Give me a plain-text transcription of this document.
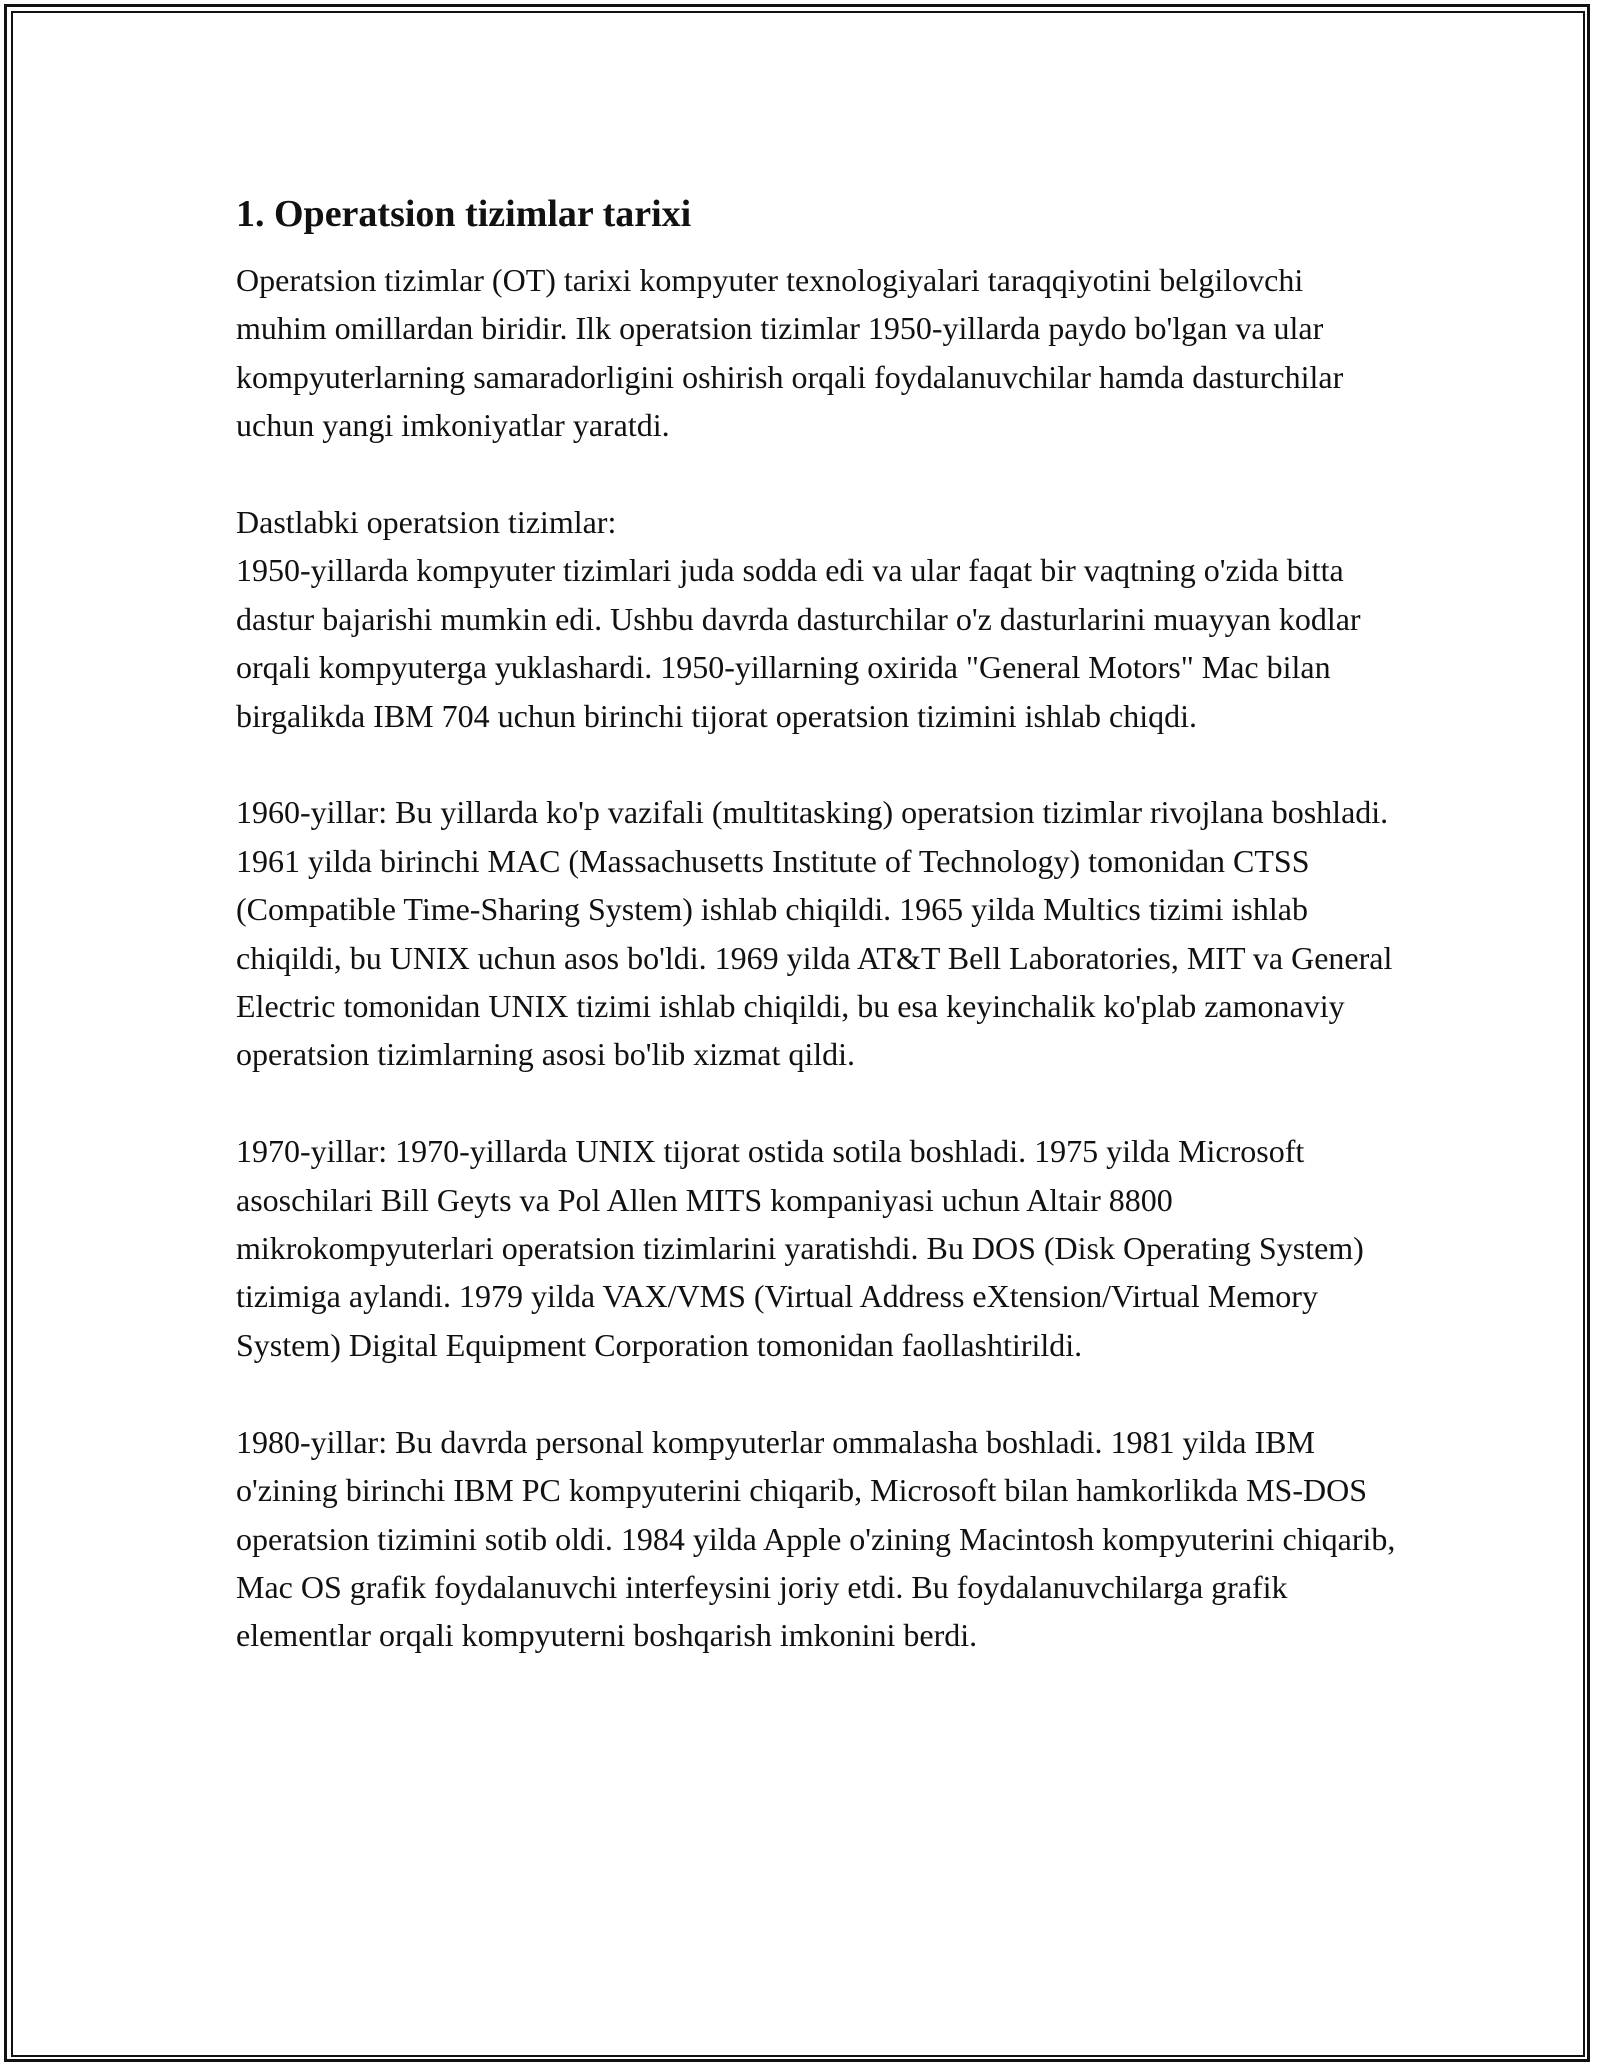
1. Operatsion tizimlar tarixi

Operatsion tizimlar (OT) tarixi kompyuter texnologiyalari taraqqiyotini belgilovchi muhim omillardan biridir. Ilk operatsion tizimlar 1950-yillarda paydo bo'lgan va ular kompyuterlarning samaradorligini oshirish orqali foydalanuvchilar hamda dasturchilar uchun yangi imkoniyatlar yaratdi.

Dastlabki operatsion tizimlar:

1950-yillarda kompyuter tizimlari juda sodda edi va ular faqat bir vaqtning o'zida bitta dastur bajarishi mumkin edi. Ushbu davrda dasturchilar o'z dasturlarini muayyan kodlar orqali kompyuterga yuklashardi. 1950-yillarning oxirida "General Motors" Mac bilan birgalikda IBM 704 uchun birinchi tijorat operatsion tizimini ishlab chiqdi.

1960-yillar: Bu yillarda ko'p vazifali (multitasking) operatsion tizimlar rivojlana boshladi. 1961 yilda birinchi MAC (Massachusetts Institute of Technology) tomonidan CTSS (Compatible Time-Sharing System) ishlab chiqildi. 1965 yilda Multics tizimi ishlab chiqildi, bu UNIX uchun asos bo'ldi. 1969 yilda AT&T Bell Laboratories, MIT va General Electric tomonidan UNIX tizimi ishlab chiqildi, bu esa keyinchalik ko'plab zamonaviy operatsion tizimlarning asosi bo'lib xizmat qildi.

1970-yillar: 1970-yillarda UNIX tijorat ostida sotila boshladi. 1975 yilda Microsoft asoschilari Bill Geyts va Pol Allen MITS kompaniyasi uchun Altair 8800 mikrokompyuterlari operatsion tizimlarini yaratishdi. Bu DOS (Disk Operating System) tizimiga aylandi. 1979 yilda VAX/VMS (Virtual Address eXtension/Virtual Memory System) Digital Equipment Corporation tomonidan faollashtirildi.

1980-yillar: Bu davrda personal kompyuterlar ommalasha boshladi. 1981 yilda IBM o'zining birinchi IBM PC kompyuterini chiqarib, Microsoft bilan hamkorlikda MS-DOS operatsion tizimini sotib oldi. 1984 yilda Apple o'zining Macintosh kompyuterini chiqarib, Mac OS grafik foydalanuvchi interfeysini joriy etdi. Bu foydalanuvchilarga grafik elementlar orqali kompyuterni boshqarish imkonini berdi.
